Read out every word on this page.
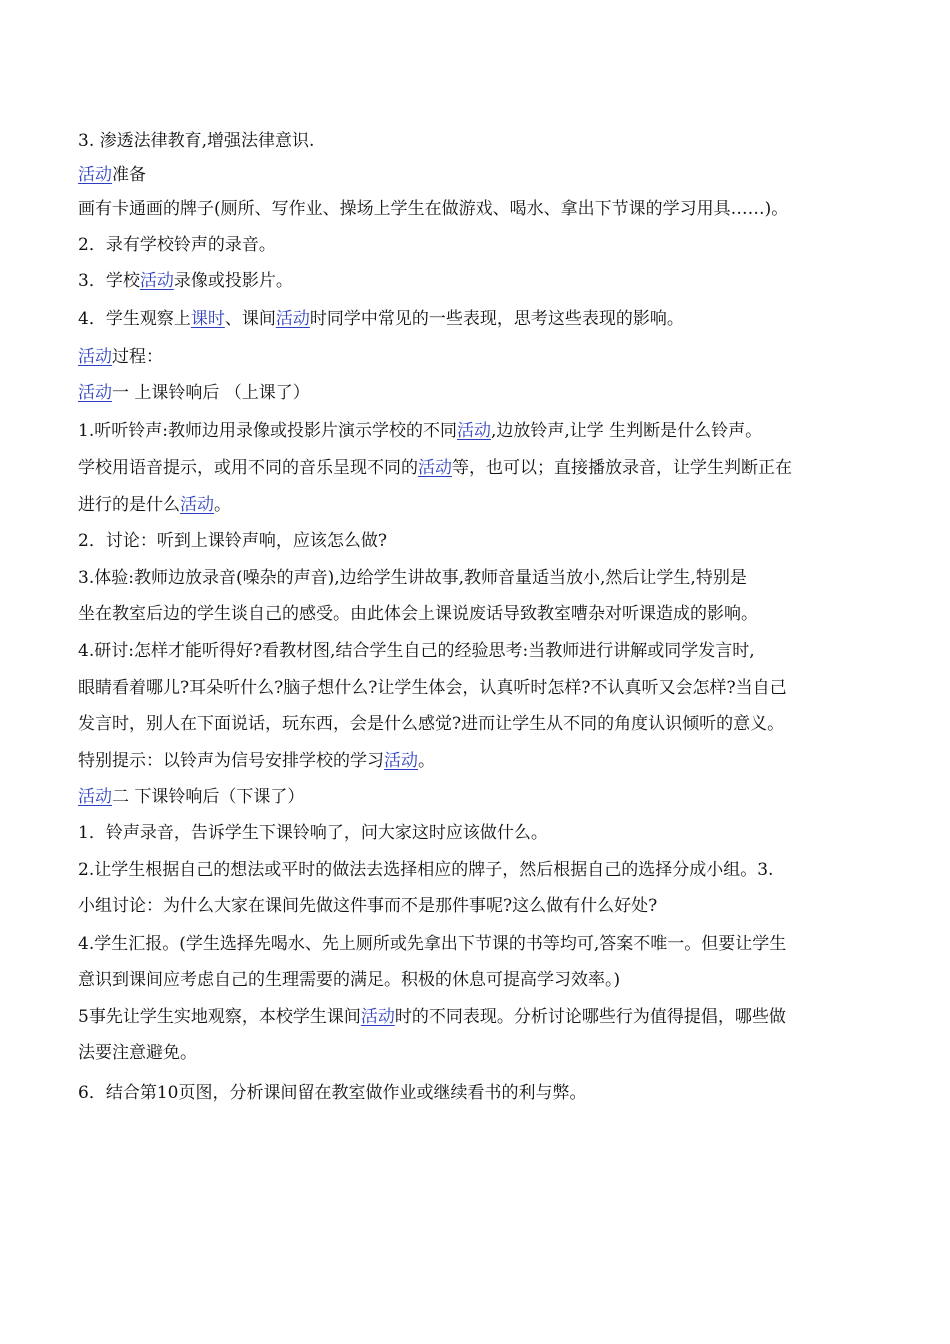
3. 渗透法律教育,增强法律意识.
活动准备
画有卡通画的牌子(厕所、写作业、操场上学生在做游戏、喝水、拿出下节课的学习用具……)。
2．录有学校铃声的录音。
3．学校活动录像或投影片。
4．学生观察上课时、课间活动时同学中常见的一些表现，思考这些表现的影响。
活动过程：
活动一 上课铃响后 （上课了）
1.听听铃声:教师边用录像或投影片演示学校的不同活动,边放铃声,让学 生判断是什么铃声。
学校用语音提示，或用不同的音乐呈现不同的活动等，也可以；直接播放录音，让学生判断正在
进行的是什么活动。
2．讨论：听到上课铃声响，应该怎么做?
3.体验:教师边放录音(噪杂的声音),边给学生讲故事,教师音量适当放小,然后让学生,特别是
坐在教室后边的学生谈自己的感受。由此体会上课说废话导致教室嘈杂对听课造成的影响。
4.研讨:怎样才能听得好?看教材图,结合学生自己的经验思考:当教师进行讲解或同学发言时,
眼睛看着哪儿?耳朵听什么?脑子想什么?让学生体会，认真听时怎样?不认真听又会怎样?当自己
发言时，别人在下面说话，玩东西，会是什么感觉?进而让学生从不同的角度认识倾听的意义。
特别提示：以铃声为信号安排学校的学习活动。
活动二 下课铃响后（下课了）
1．铃声录音，告诉学生下课铃响了，问大家这时应该做什么。
2.让学生根据自己的想法或平时的做法去选择相应的牌子，然后根据自己的选择分成小组。3.
小组讨论：为什么大家在课间先做这件事而不是那件事呢?这么做有什么好处?
4.学生汇报。(学生选择先喝水、先上厕所或先拿出下节课的书等均可,答案不唯一。但要让学生
意识到课间应考虑自己的生理需要的满足。积极的休息可提高学习效率。)
5事先让学生实地观察，本校学生课间活动时的不同表现。分析讨论哪些行为值得提倡，哪些做
法要注意避免。
6．结合第10页图，分析课间留在教室做作业或继续看书的利与弊。
